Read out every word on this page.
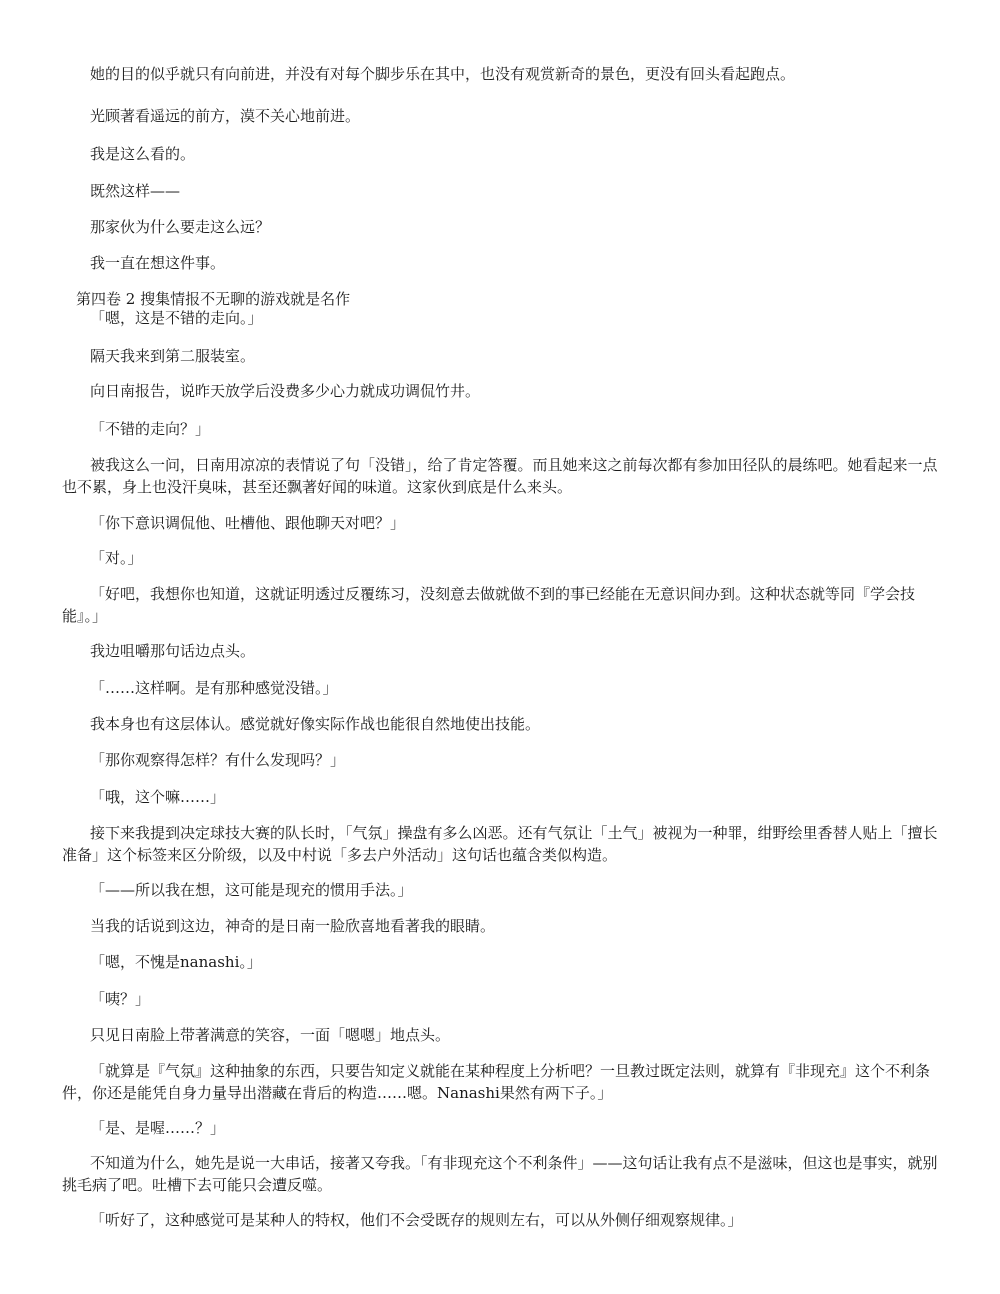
她的目的似乎就只有向前进，并没有对每个脚步乐在其中，也没有观赏新奇的景色，更没有回头看起跑点。

光顾著看遥远的前方，漠不关心地前进。

我是这么看的。

既然这样——

那家伙为什么要走这么远？

我一直在想这件事。

第四卷 2 搜集情报不无聊的游戏就是名作

「嗯，这是不错的走向。」

隔天我来到第二服装室。

向日南报告，说昨天放学后没费多少心力就成功调侃竹井。

「不错的走向？」

被我这么一问，日南用凉凉的表情说了句「没错」，给了肯定答覆。而且她来这之前每次都有参加田径队的晨练吧。她看起来一点也不累，身上也没汗臭味，甚至还飘著好闻的味道。这家伙到底是什么来头。

「你下意识调侃他、吐槽他、跟他聊天对吧？」

「对。」

「好吧，我想你也知道，这就证明透过反覆练习，没刻意去做就做不到的事已经能在无意识间办到。这种状态就等同『学会技能』。」

我边咀嚼那句话边点头。

「……这样啊。是有那种感觉没错。」

我本身也有这层体认。感觉就好像实际作战也能很自然地使出技能。

「那你观察得怎样？有什么发现吗？」

「哦，这个嘛……」

接下来我提到决定球技大赛的队长时，「气氛」操盘有多么凶恶。还有气氛让「土气」被视为一种罪，绀野绘里香替人贴上「擅长准备」这个标签来区分阶级，以及中村说「多去户外活动」这句话也蕴含类似构造。

「——所以我在想，这可能是现充的惯用手法。」

当我的话说到这边，神奇的是日南一脸欣喜地看著我的眼睛。

「嗯，不愧是nanashi。」

「咦？」

只见日南脸上带著满意的笑容，一面「嗯嗯」地点头。

「就算是『气氛』这种抽象的东西，只要告知定义就能在某种程度上分析吧？一旦教过既定法则，就算有『非现充』这个不利条件，你还是能凭自身力量导出潜藏在背后的构造……嗯。Nanashi果然有两下子。」

「是、是喔……？」

不知道为什么，她先是说一大串话，接著又夸我。「有非现充这个不利条件」——这句话让我有点不是滋味，但这也是事实，就别挑毛病了吧。吐槽下去可能只会遭反噬。

「听好了，这种感觉可是某种人的特权，他们不会受既存的规则左右，可以从外侧仔细观察规律。」
